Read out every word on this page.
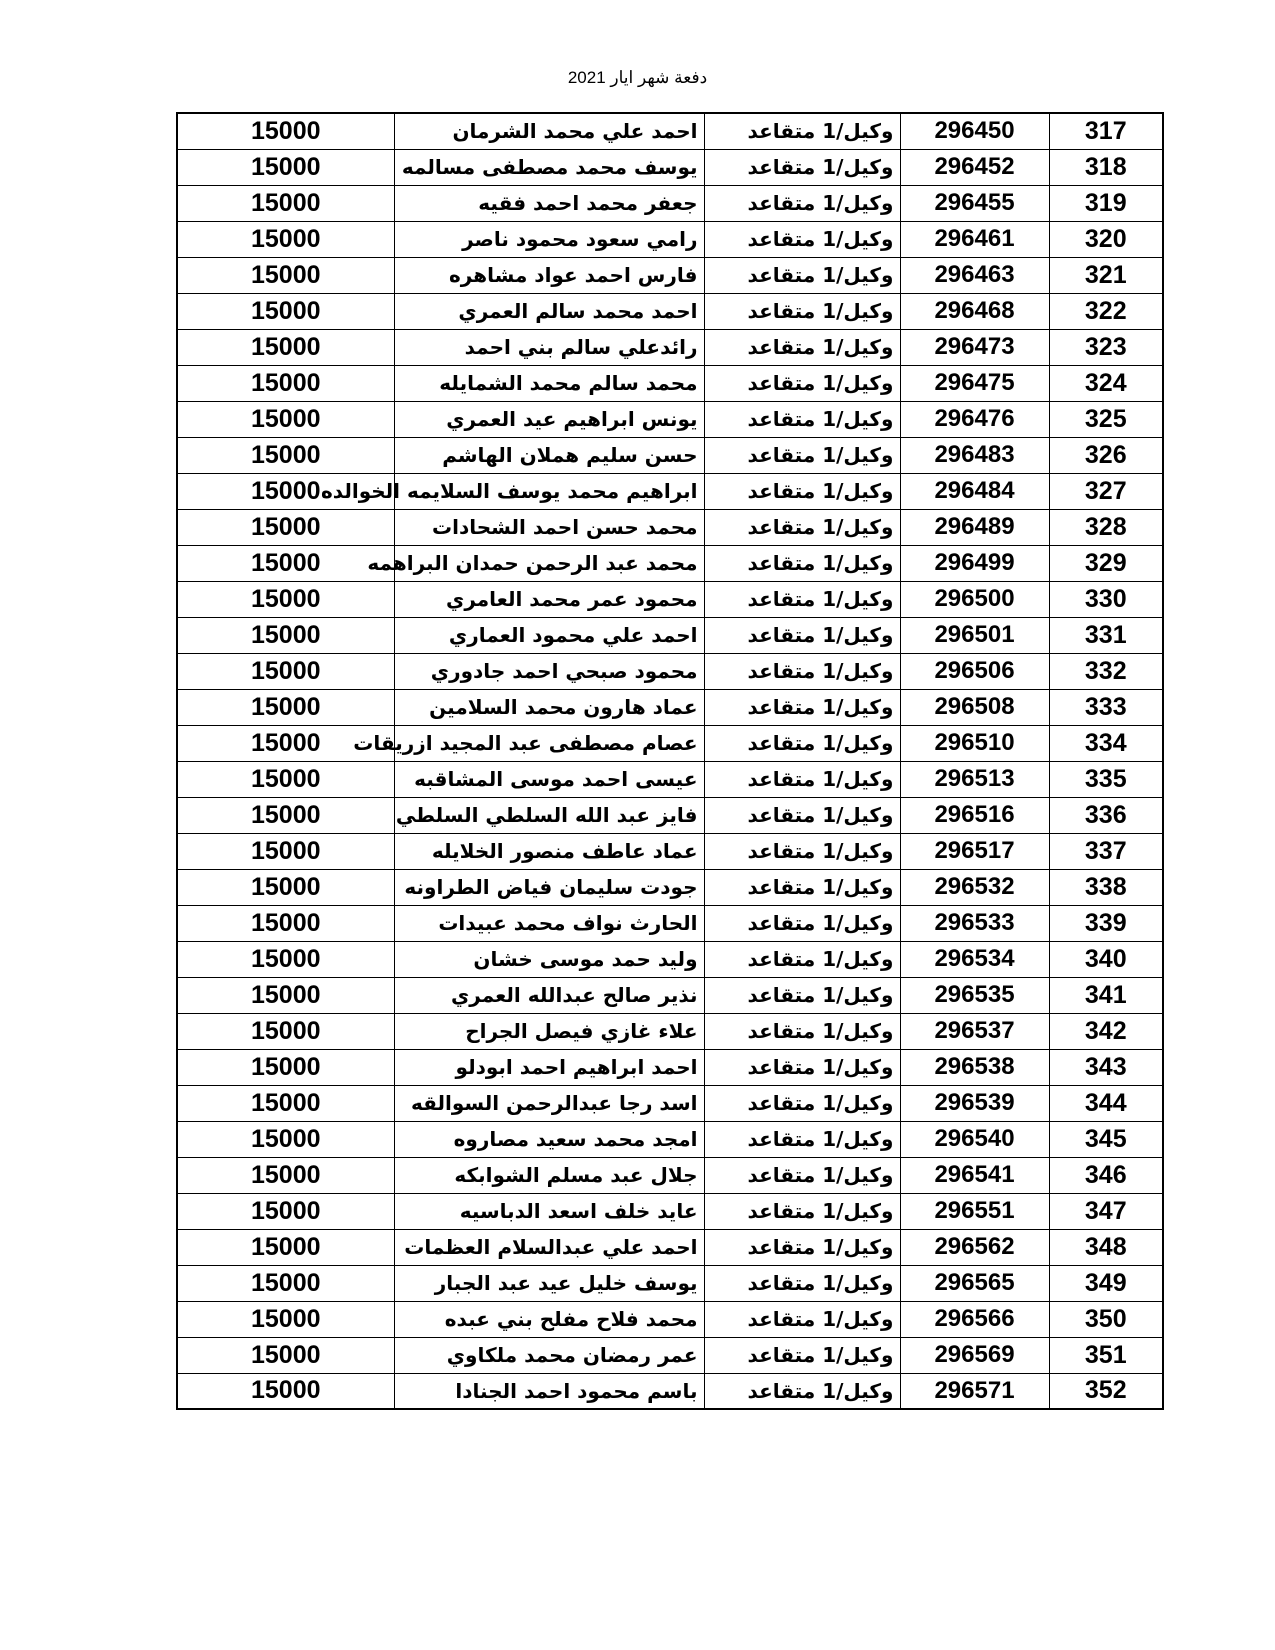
دفعة شهر ايار 2021
317	296450	وكيل/1 متقاعد	احمد علي محمد الشرمان	15000
318	296452	وكيل/1 متقاعد	يوسف محمد مصطفى مسالمه	15000
319	296455	وكيل/1 متقاعد	جعفر محمد احمد فقيه	15000
320	296461	وكيل/1 متقاعد	رامي سعود محمود ناصر	15000
321	296463	وكيل/1 متقاعد	فارس احمد عواد مشاهره	15000
322	296468	وكيل/1 متقاعد	احمد محمد سالم العمري	15000
323	296473	وكيل/1 متقاعد	رائدعلي سالم بني احمد	15000
324	296475	وكيل/1 متقاعد	محمد سالم محمد الشمايله	15000
325	296476	وكيل/1 متقاعد	يونس ابراهيم عيد العمري	15000
326	296483	وكيل/1 متقاعد	حسن سليم هملان الهاشم	15000
327	296484	وكيل/1 متقاعد	ابراهيم محمد يوسف السلايمه الخوالده	15000
328	296489	وكيل/1 متقاعد	محمد حسن احمد الشحادات	15000
329	296499	وكيل/1 متقاعد	محمد عبد الرحمن حمدان البراهمه	15000
330	296500	وكيل/1 متقاعد	محمود عمر محمد العامري	15000
331	296501	وكيل/1 متقاعد	احمد علي محمود العماري	15000
332	296506	وكيل/1 متقاعد	محمود صبحي احمد جادوري	15000
333	296508	وكيل/1 متقاعد	عماد هارون محمد السلامين	15000
334	296510	وكيل/1 متقاعد	عصام مصطفى عبد المجيد ازريقات	15000
335	296513	وكيل/1 متقاعد	عيسى احمد موسى المشاقبه	15000
336	296516	وكيل/1 متقاعد	فايز عبد الله السلطي السلطي	15000
337	296517	وكيل/1 متقاعد	عماد عاطف منصور الخلايله	15000
338	296532	وكيل/1 متقاعد	جودت سليمان فياض الطراونه	15000
339	296533	وكيل/1 متقاعد	الحارث نواف محمد عبيدات	15000
340	296534	وكيل/1 متقاعد	وليد حمد موسى خشان	15000
341	296535	وكيل/1 متقاعد	نذير صالح عبدالله العمري	15000
342	296537	وكيل/1 متقاعد	علاء غازي فيصل الجراح	15000
343	296538	وكيل/1 متقاعد	احمد ابراهيم احمد ابودلو	15000
344	296539	وكيل/1 متقاعد	اسد رجا عبدالرحمن السوالقه	15000
345	296540	وكيل/1 متقاعد	امجد محمد سعيد مصاروه	15000
346	296541	وكيل/1 متقاعد	جلال عبد مسلم الشوابكه	15000
347	296551	وكيل/1 متقاعد	عايد خلف اسعد الدباسيه	15000
348	296562	وكيل/1 متقاعد	احمد علي عبدالسلام العظمات	15000
349	296565	وكيل/1 متقاعد	يوسف خليل عيد عبد الجبار	15000
350	296566	وكيل/1 متقاعد	محمد فلاح مفلح بني عبده	15000
351	296569	وكيل/1 متقاعد	عمر رمضان محمد ملكاوي	15000
352	296571	وكيل/1 متقاعد	باسم محمود احمد الجنادا	15000
